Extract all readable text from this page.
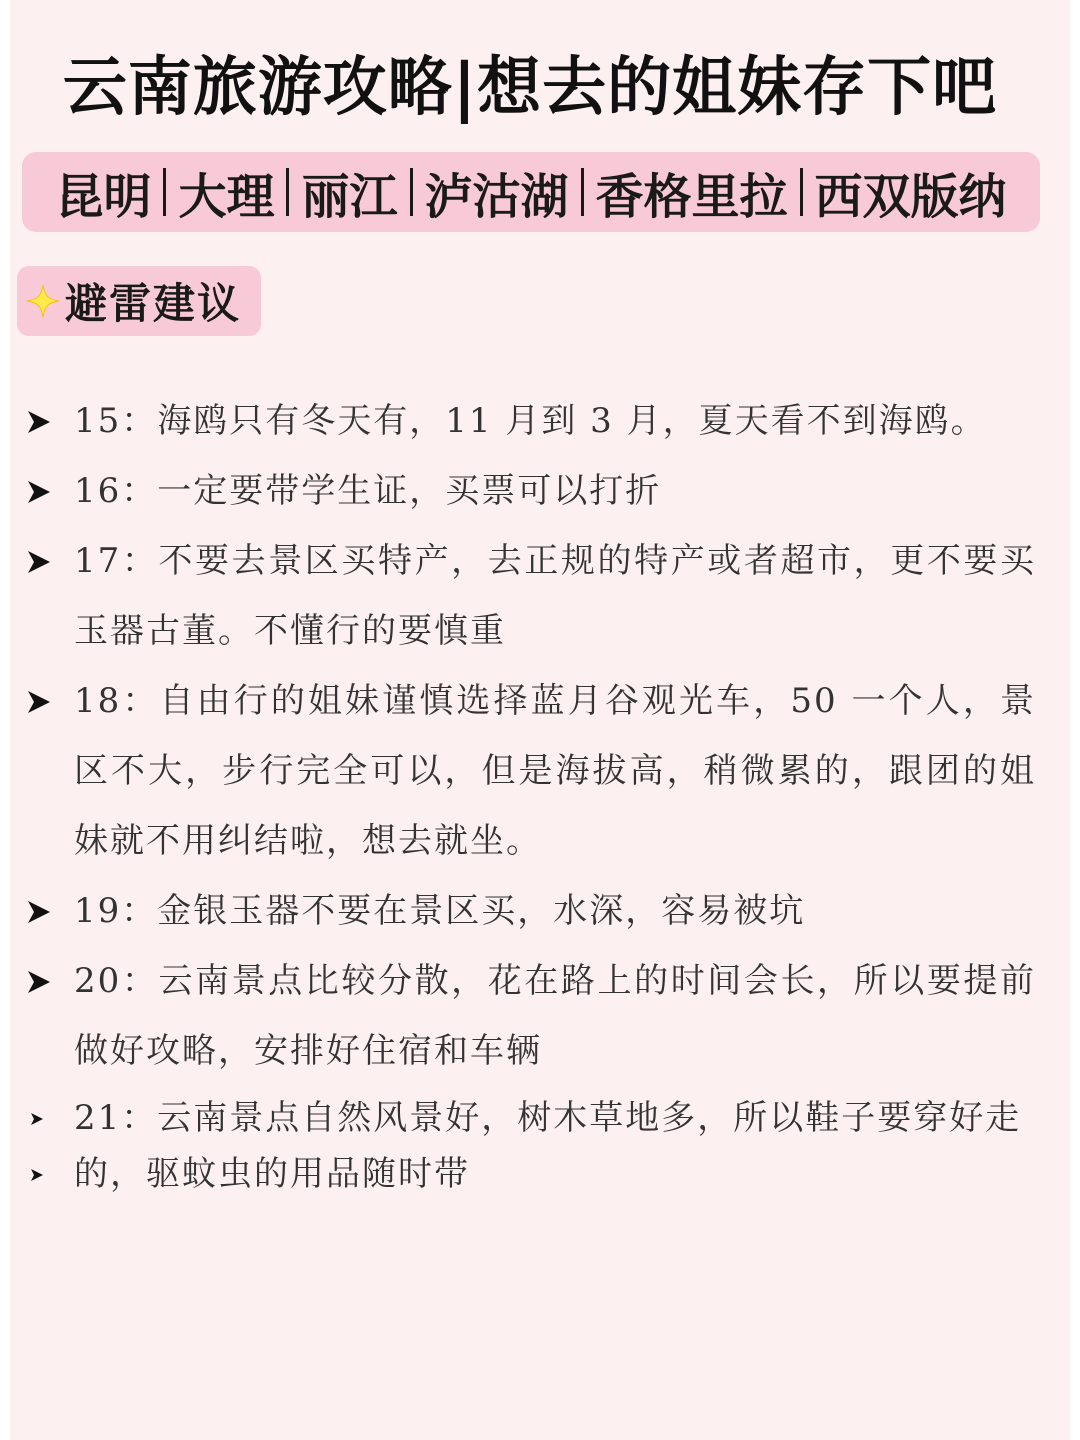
云南旅游攻略|想去的姐妹存下吧
昆明 大理 丽江 泸沽湖 香格里拉 西双版纳
避雷建议
15：海鸥只有冬天有，11 月到 3 月，夏天看不到海鸥。
16：一定要带学生证，买票可以打折
17：不要去景区买特产，去正规的特产或者超市，更不要买玉器古董。不懂行的要慎重
18：自由行的姐妹谨慎选择蓝月谷观光车，50 一个人，景区不大，步行完全可以，但是海拔高，稍微累的，跟团的姐妹就不用纠结啦，想去就坐。
19：金银玉器不要在景区买，水深，容易被坑
20：云南景点比较分散，花在路上的时间会长，所以要提前做好攻略，安排好住宿和车辆
21：云南景点自然风景好，树木草地多，所以鞋子要穿好走的，驱蚊虫的用品随时带
